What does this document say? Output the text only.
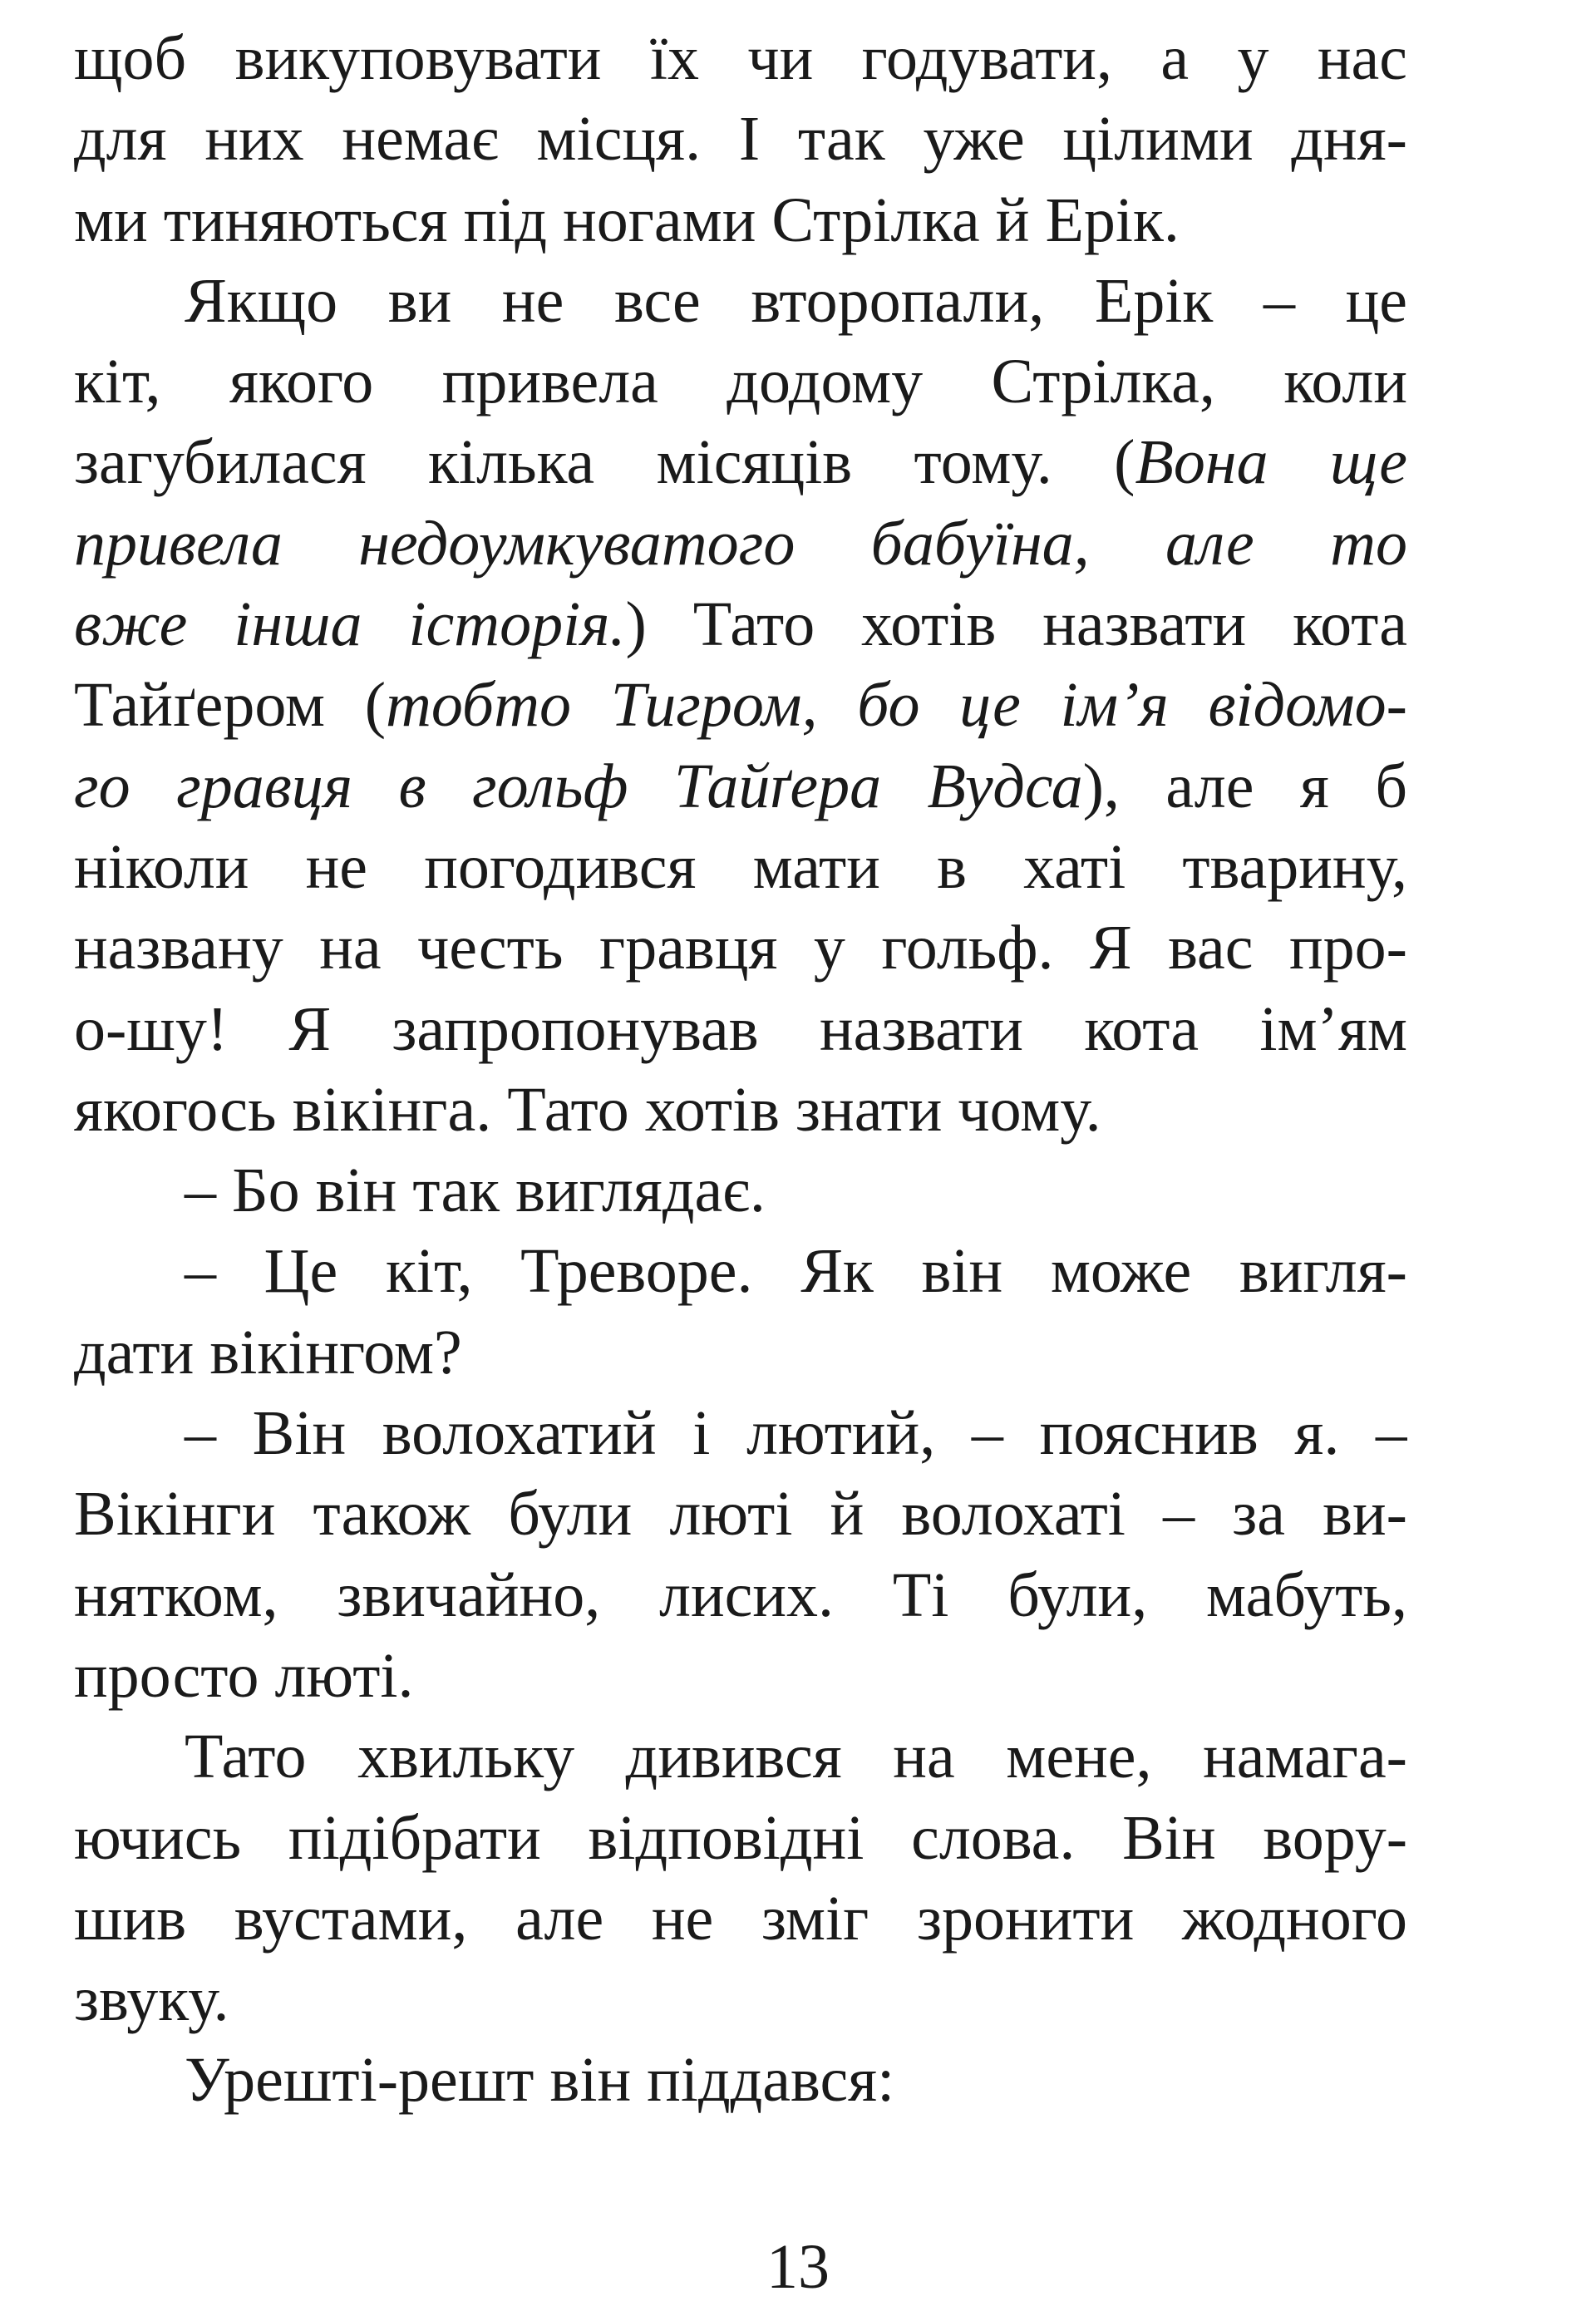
щоб викуповувати їх чи годувати, а у нас
для них немає місця. І так уже цілими дня-
ми тиняються під ногами Стрілка й Ерік.
Якщо ви не все второпали, Ерік – це
кіт, якого привела додому Стрілка, коли
загубилася кілька місяців тому. (Вона ще
привела недоумкуватого бабуїна, але то
вже інша історія.) Тато хотів назвати кота
Тайґером (тобто Тигром, бо це ім’я відомо-
го гравця в гольф Тайґера Вудса), але я б
ніколи не погодився мати в хаті тварину,
названу на честь гравця у гольф. Я вас про-
о-шу! Я запропонував назвати кота ім’ям
якогось вікінга. Тато хотів знати чому.
– Бо він так виглядає.
– Це кіт, Треворе. Як він може вигля-
дати вікінгом?
– Він волохатий і лютий, – пояснив я. –
Вікінги також були люті й волохаті – за ви-
нятком, звичайно, лисих. Ті були, мабуть,
просто люті.
Тато хвильку дивився на мене, намага-
ючись підібрати відповідні слова. Він вору-
шив вустами, але не зміг зронити жодного
звуку.
Урешті-решт він піддався:
13
